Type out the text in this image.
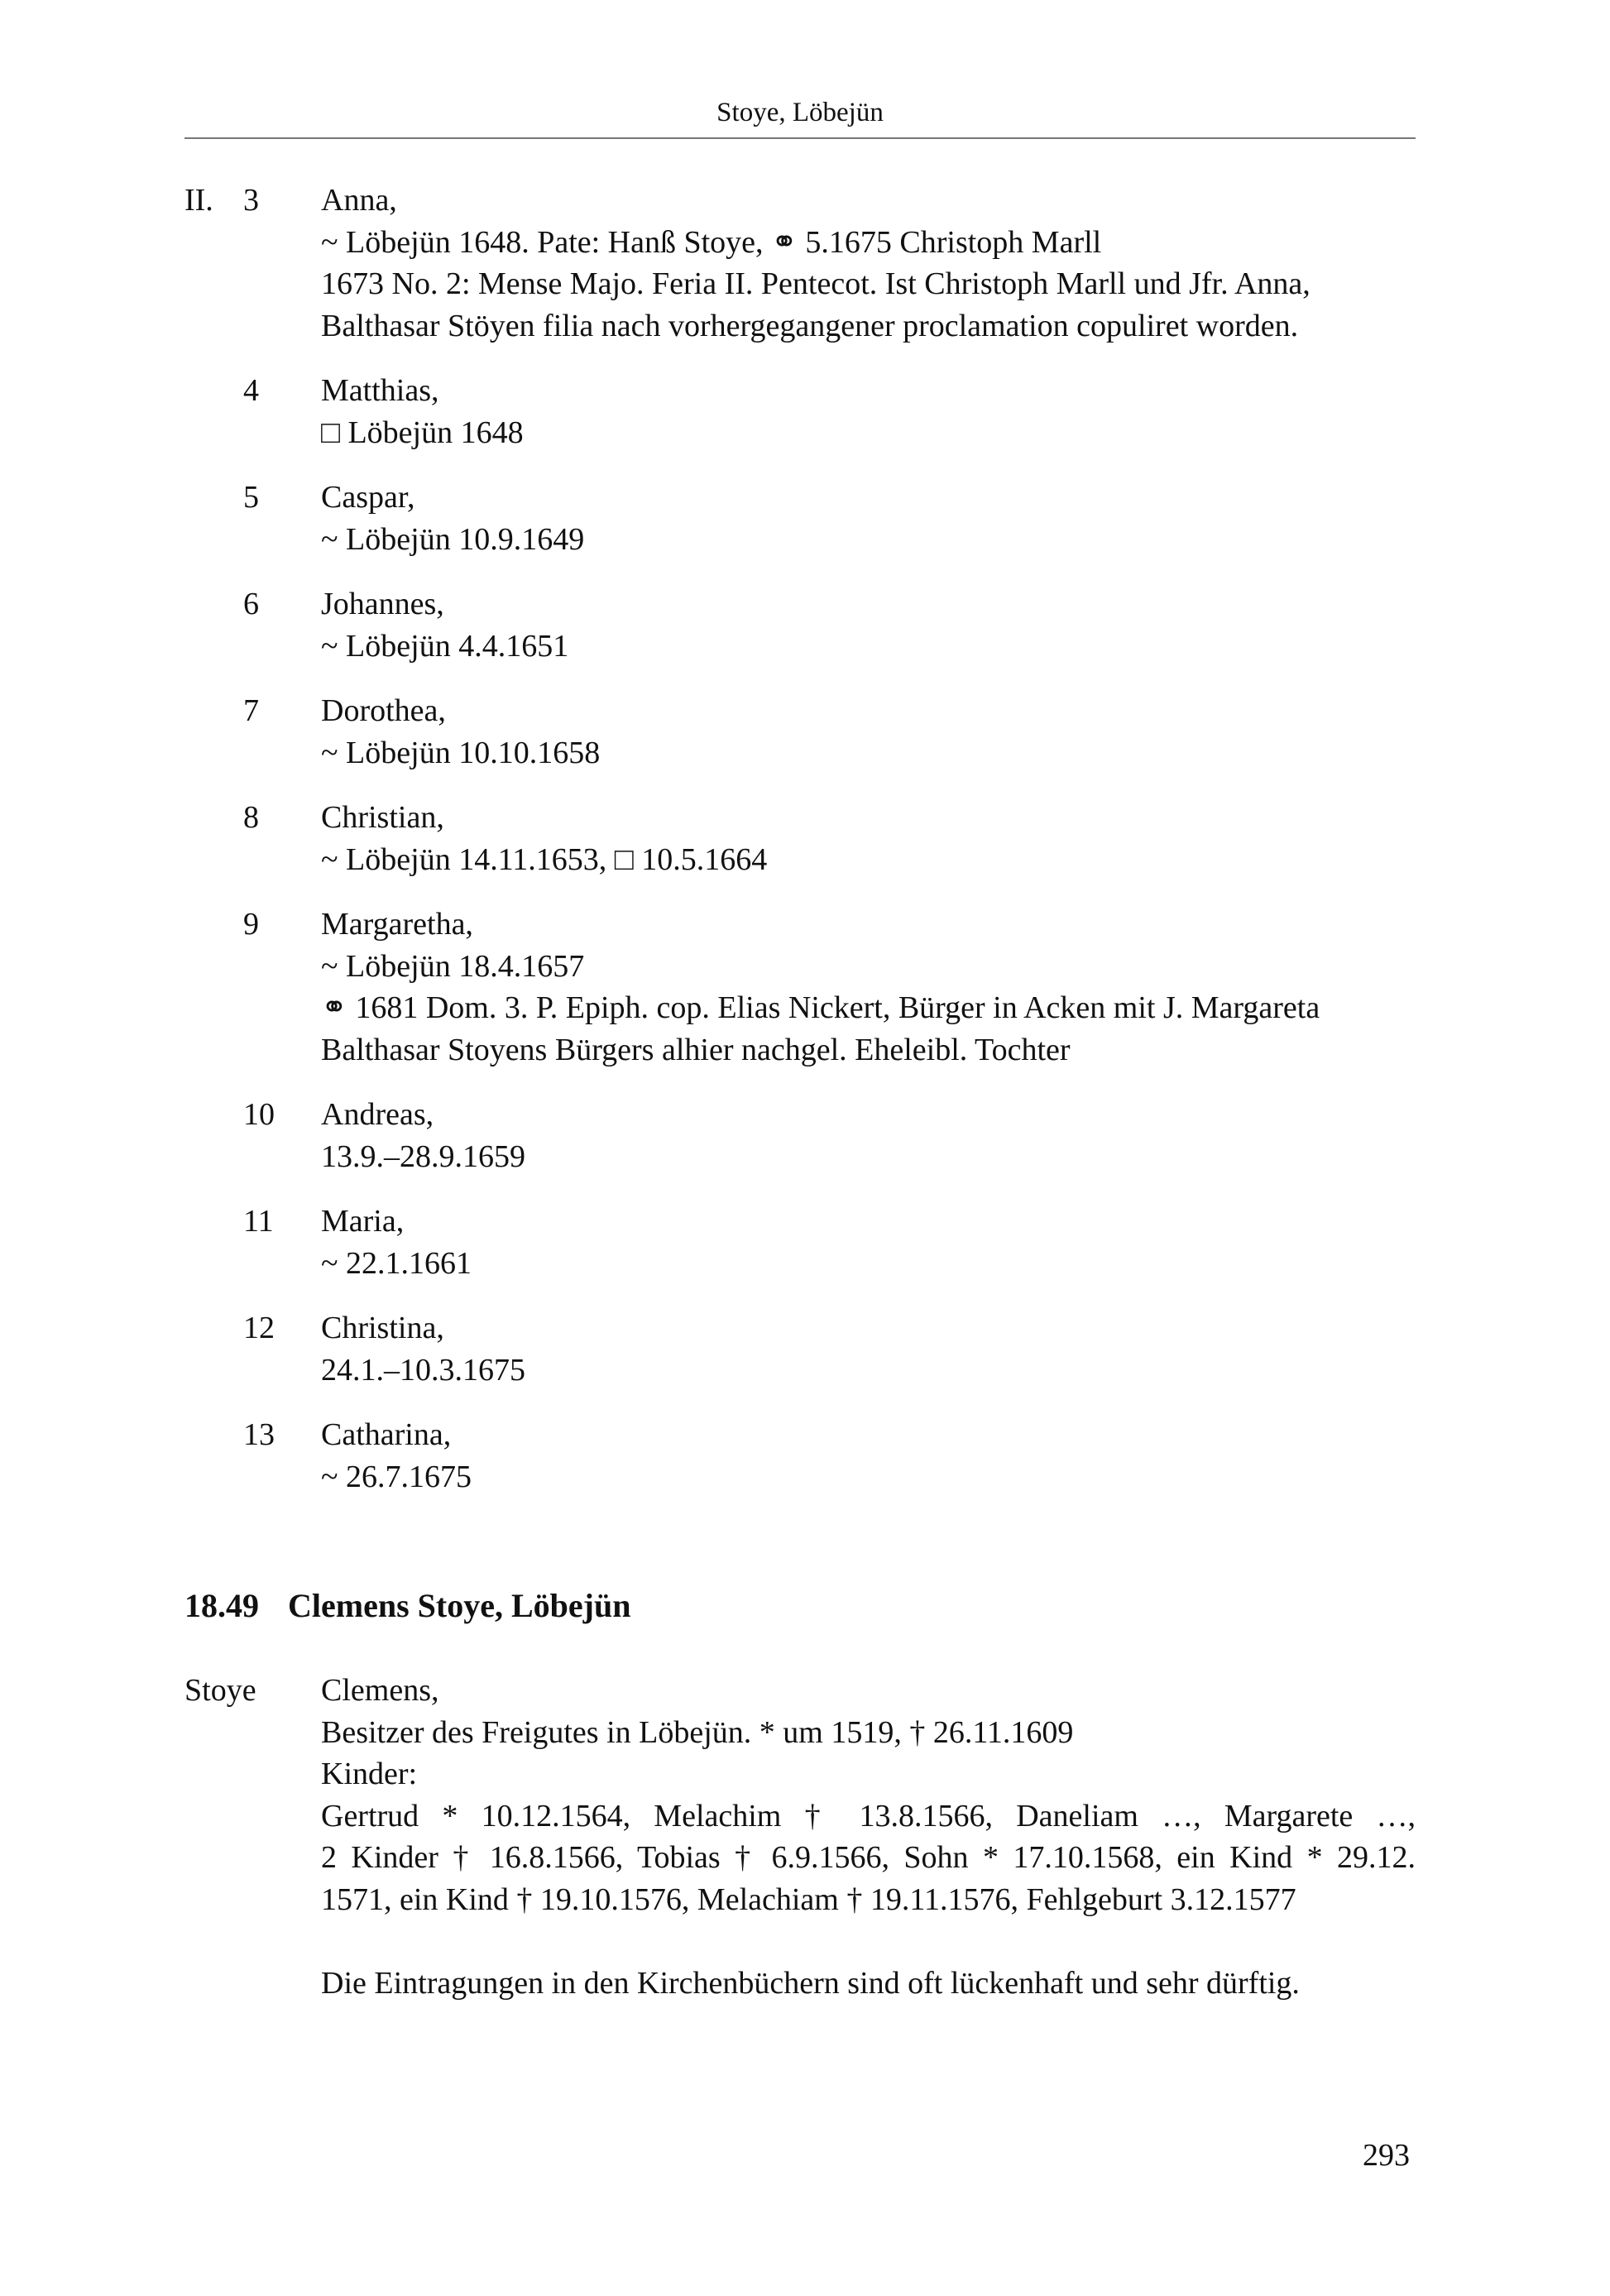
Stoye, Löbejün
II. 3	Anna,
~ Löbejün 1648. Pate: Hanß Stoye, ⚭ 5.1675 Christoph Marll
1673 No. 2: Mense Majo. Feria II. Pentecot. Ist Christoph Marll und Jfr. Anna,
Balthasar Stöyen filia nach vorhergegangener proclamation copuliret worden.
4	Matthias,
□ Löbejün 1648
5	Caspar,
~ Löbejün 10.9.1649
6	Johannes,
~ Löbejün 4.4.1651
7	Dorothea,
~ Löbejün 10.10.1658
8	Christian,
~ Löbejün 14.11.1653, □ 10.5.1664
9	Margaretha,
~ Löbejün 18.4.1657
⚭ 1681 Dom. 3. P. Epiph. cop. Elias Nickert, Bürger in Acken mit J. Margareta
Balthasar Stoyens Bürgers alhier nachgel. Eheleibl. Tochter
10	Andreas,
13.9.–28.9.1659
11	Maria,
~ 22.1.1661
12	Christina,
24.1.–10.3.1675
13	Catharina,
~ 26.7.1675
18.49 Clemens Stoye, Löbejün
Stoye	Clemens,
Besitzer des Freigutes in Löbejün. * um 1519, † 26.11.1609
Kinder:
Gertrud * 10.12.1564, Melachim † 13.8.1566, Daneliam …, Margarete …,
2 Kinder † 16.8.1566, Tobias † 6.9.1566, Sohn * 17.10.1568, ein Kind * 29.12.
1571, ein Kind † 19.10.1576, Melachiam † 19.11.1576, Fehlgeburt 3.12.1577
Die Eintragungen in den Kirchenbüchern sind oft lückenhaft und sehr dürftig.
293
